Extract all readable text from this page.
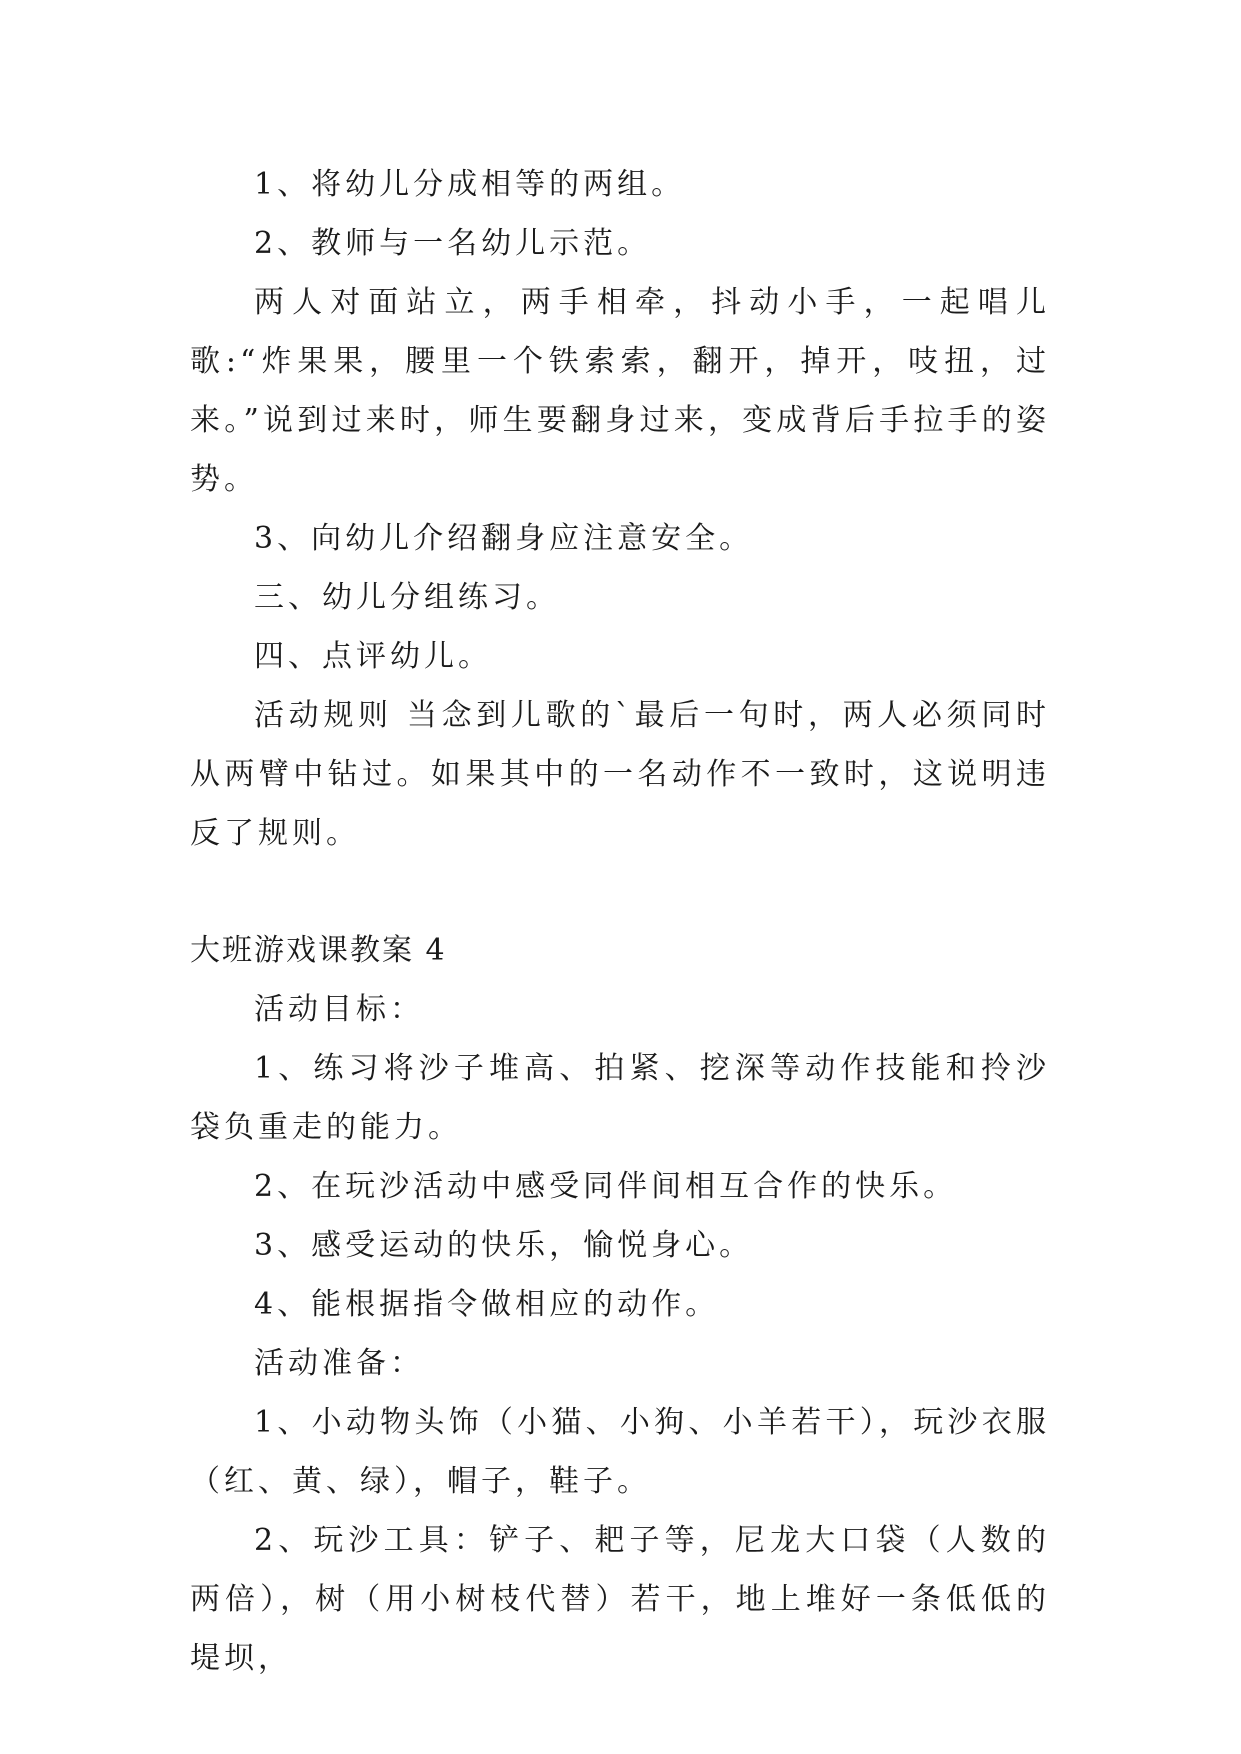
1、将幼儿分成相等的两组。

2、教师与一名幼儿示范。

两人对面站立，两手相牵，抖动小手，一起唱儿歌:“炸果果，腰里一个铁索索，翻开，掉开，吱扭，过来。”说到过来时，师生要翻身过来，变成背后手拉手的姿势。

3、向幼儿介绍翻身应注意安全。

三、幼儿分组练习。

四、点评幼儿。

活动规则 当念到儿歌的`最后一句时，两人必须同时从两臂中钻过。如果其中的一名动作不一致时，这说明违反了规则。

大班游戏课教案 4

活动目标：

1、练习将沙子堆高、拍紧、挖深等动作技能和拎沙袋负重走的能力。

2、在玩沙活动中感受同伴间相互合作的快乐。

3、感受运动的快乐，愉悦身心。

4、能根据指令做相应的动作。

活动准备：

1、小动物头饰（小猫、小狗、小羊若干），玩沙衣服（红、黄、绿），帽子，鞋子。

2、玩沙工具：铲子、耙子等，尼龙大口袋（人数的两倍），树（用小树枝代替）若干，地上堆好一条低低的堤坝，
